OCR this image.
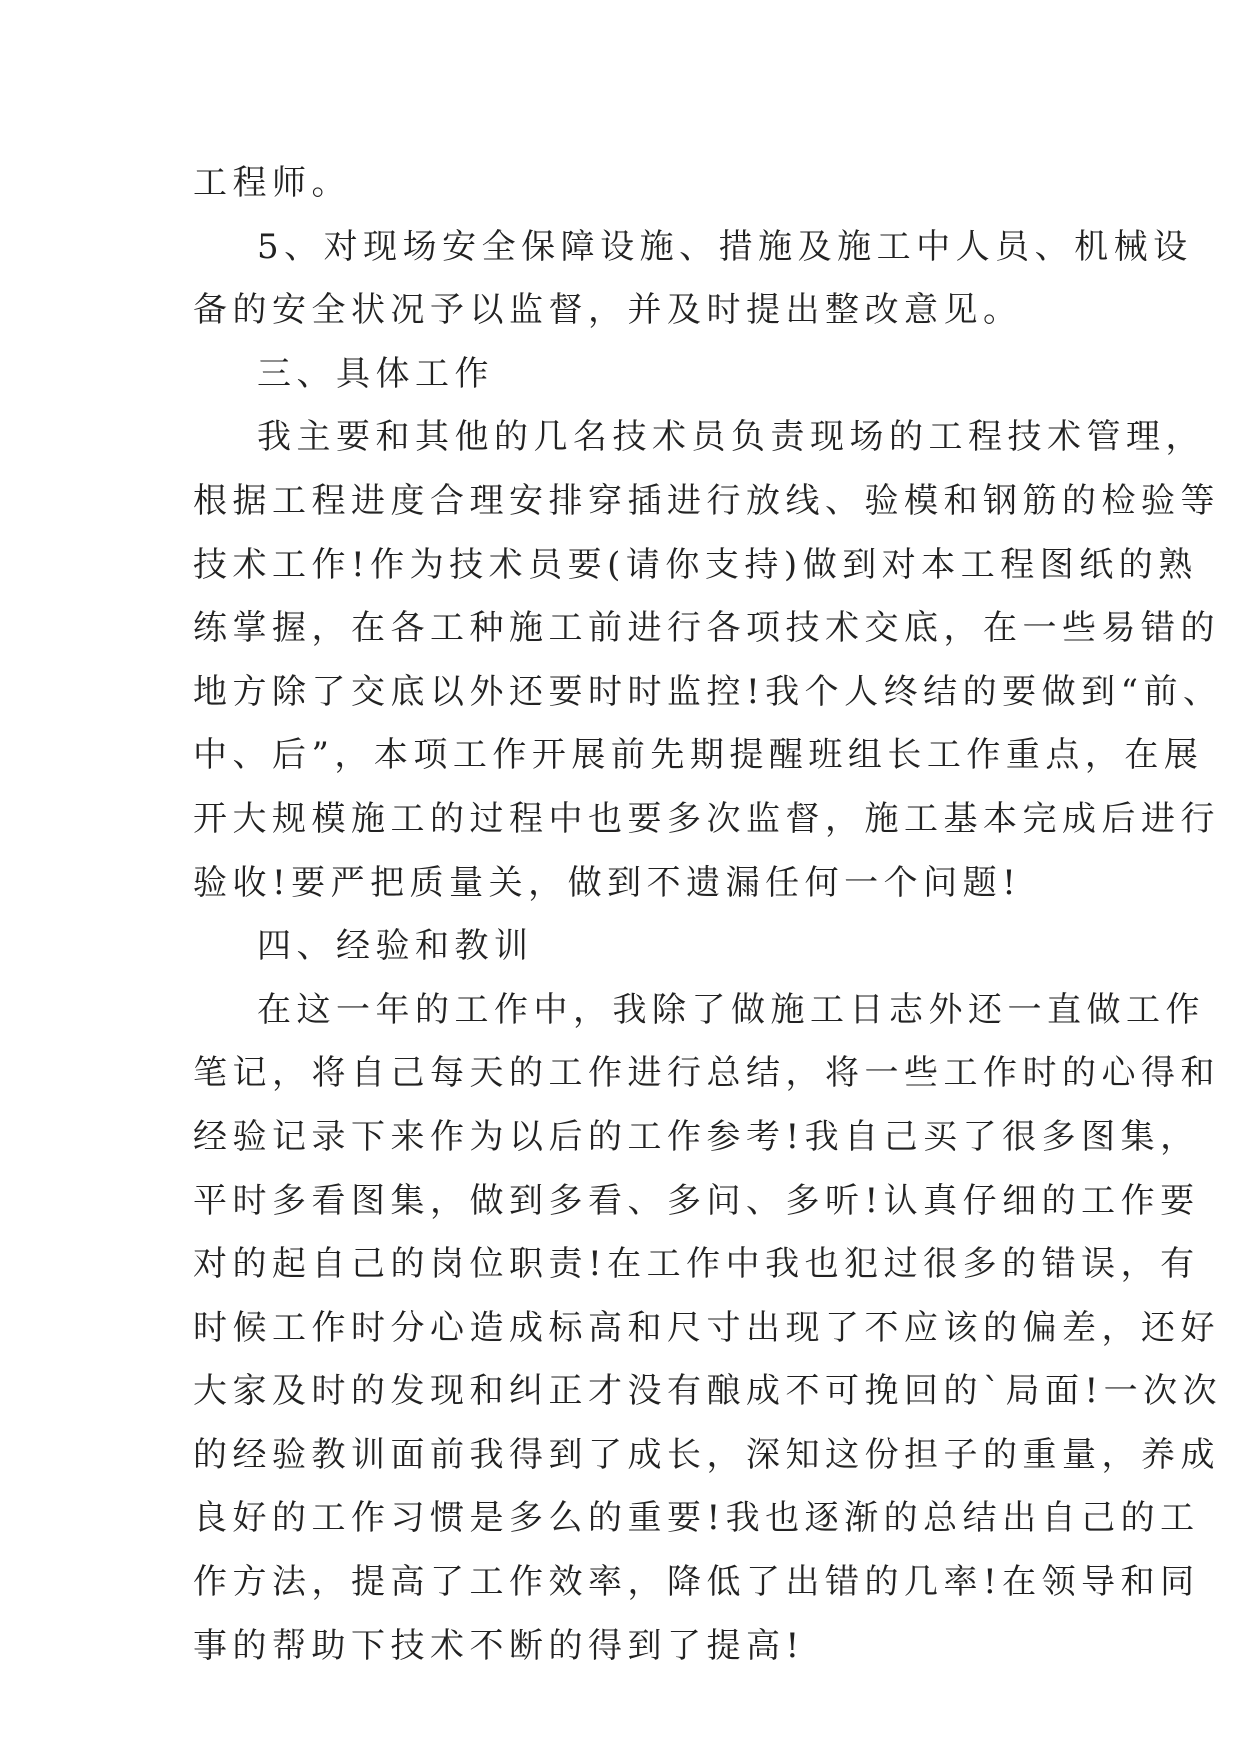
工程师。
5、对现场安全保障设施、措施及施工中人员、机械设
备的安全状况予以监督，并及时提出整改意见。
三、具体工作
我主要和其他的几名技术员负责现场的工程技术管理，
根据工程进度合理安排穿插进行放线、验模和钢筋的检验等
技术工作!作为技术员要(请你支持)做到对本工程图纸的熟
练掌握，在各工种施工前进行各项技术交底，在一些易错的
地方除了交底以外还要时时监控!我个人终结的要做到“前、
中、后”，本项工作开展前先期提醒班组长工作重点，在展
开大规模施工的过程中也要多次监督，施工基本完成后进行
验收!要严把质量关，做到不遗漏任何一个问题!
四、经验和教训
在这一年的工作中，我除了做施工日志外还一直做工作
笔记，将自己每天的工作进行总结，将一些工作时的心得和
经验记录下来作为以后的工作参考!我自己买了很多图集，
平时多看图集，做到多看、多问、多听!认真仔细的工作要
对的起自己的岗位职责!在工作中我也犯过很多的错误，有
时候工作时分心造成标高和尺寸出现了不应该的偏差，还好
大家及时的发现和纠正才没有酿成不可挽回的`局面!一次次
的经验教训面前我得到了成长，深知这份担子的重量，养成
良好的工作习惯是多么的重要!我也逐渐的总结出自己的工
作方法，提高了工作效率，降低了出错的几率!在领导和同
事的帮助下技术不断的得到了提高!
